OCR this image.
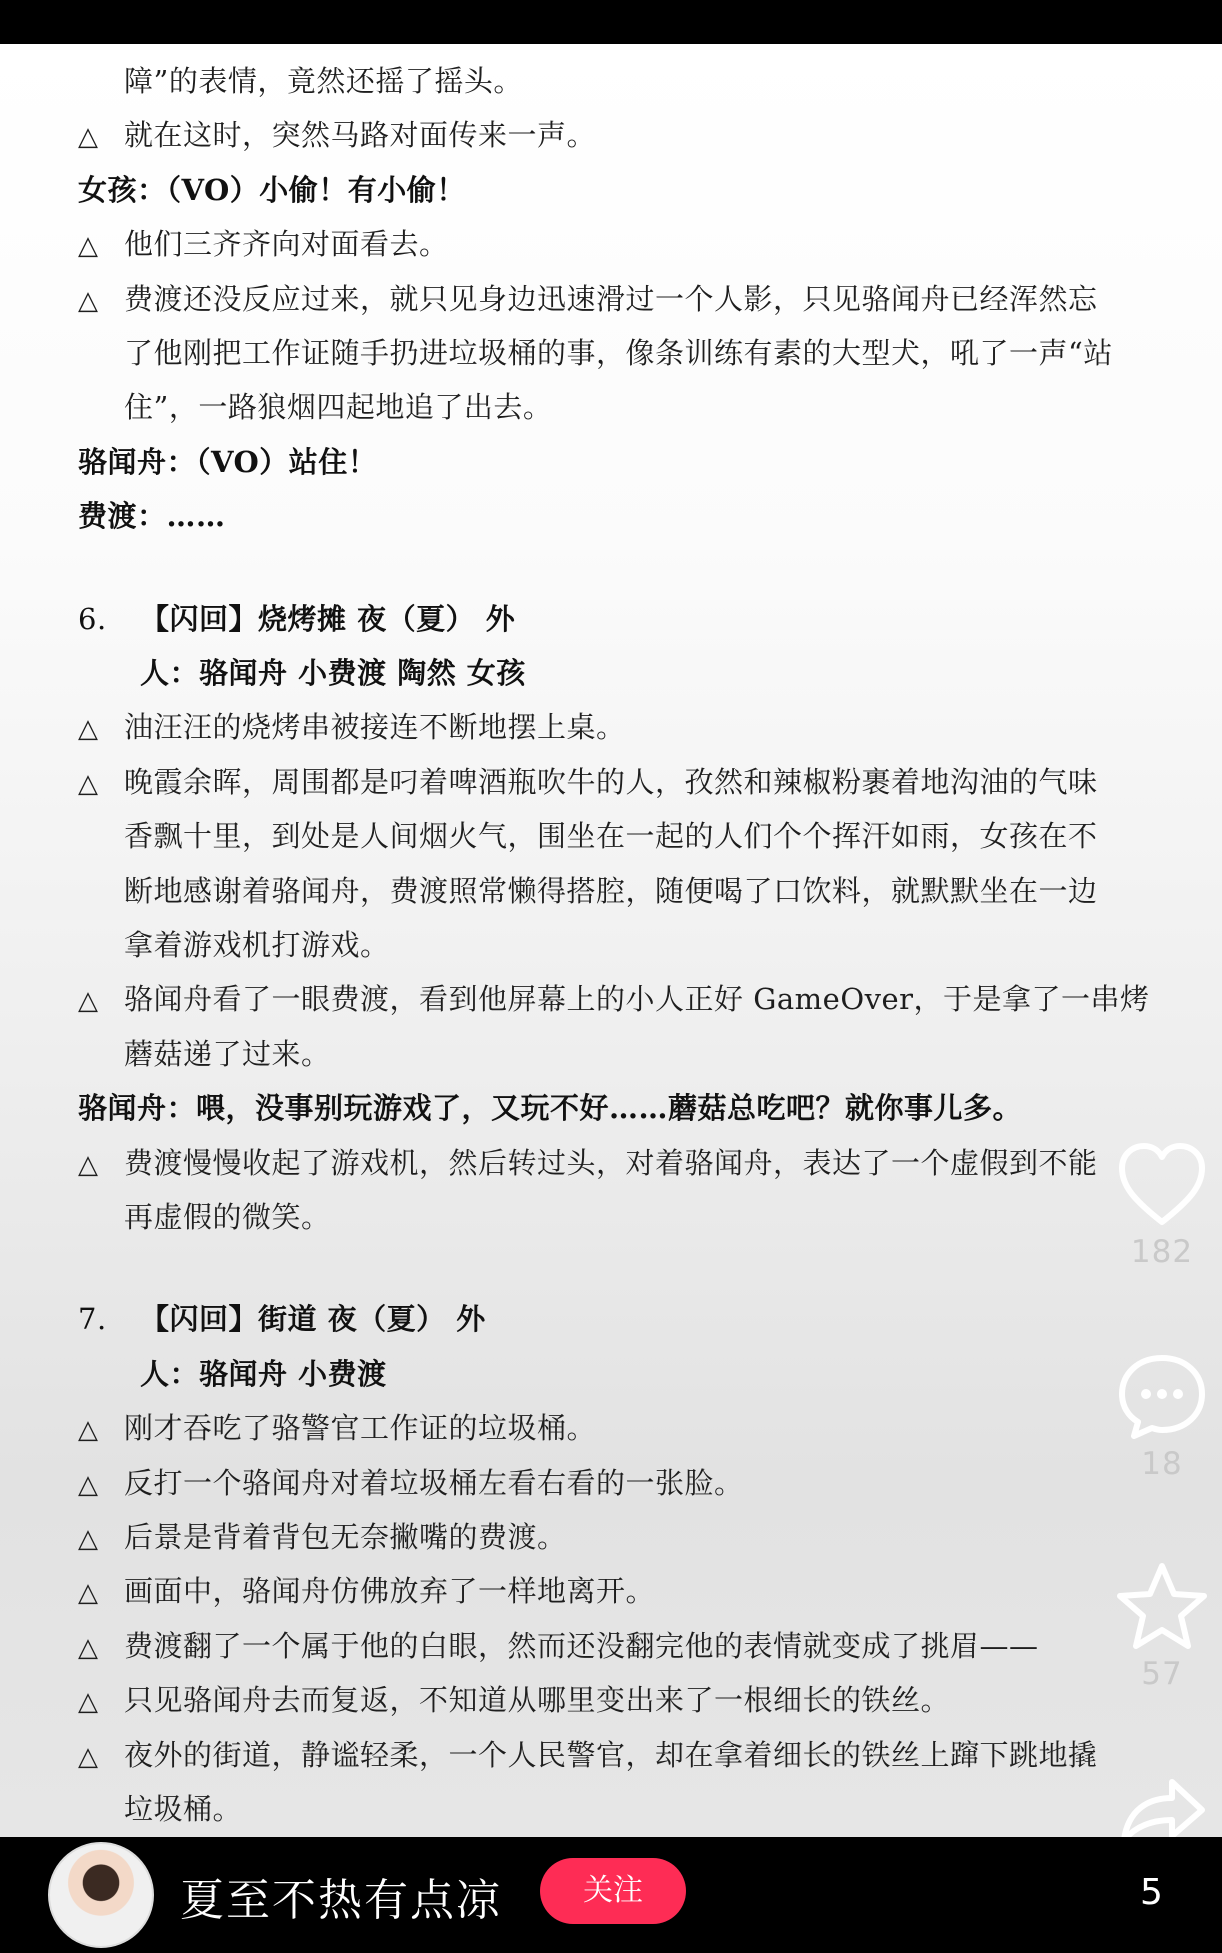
障”的表情，竟然还摇了摇头。
△ 就在这时，突然马路对面传来一声。
女孩：（VO）小偷！有小偷！
△ 他们三齐齐向对面看去。
△ 费渡还没反应过来，就只见身边迅速滑过一个人影，只见骆闻舟已经浑然忘
了他刚把工作证随手扔进垃圾桶的事，像条训练有素的大型犬，吼了一声“站
住”，一路狼烟四起地追了出去。
骆闻舟：（VO）站住！
费渡：……
6. 【闪回】烧烤摊 夜（夏） 外
人：骆闻舟 小费渡 陶然 女孩
△ 油汪汪的烧烤串被接连不断地摆上桌。
△ 晚霞余晖，周围都是叼着啤酒瓶吹牛的人，孜然和辣椒粉裹着地沟油的气味
香飘十里，到处是人间烟火气，围坐在一起的人们个个挥汗如雨，女孩在不
断地感谢着骆闻舟，费渡照常懒得搭腔，随便喝了口饮料，就默默坐在一边
拿着游戏机打游戏。
△ 骆闻舟看了一眼费渡，看到他屏幕上的小人正好 GameOver，于是拿了一串烤
蘑菇递了过来。
骆闻舟：喂，没事别玩游戏了，又玩不好……蘑菇总吃吧？就你事儿多。
△ 费渡慢慢收起了游戏机，然后转过头，对着骆闻舟，表达了一个虚假到不能
再虚假的微笑。
7. 【闪回】街道 夜（夏） 外
人：骆闻舟 小费渡
△ 刚才吞吃了骆警官工作证的垃圾桶。
△ 反打一个骆闻舟对着垃圾桶左看右看的一张脸。
△ 后景是背着背包无奈撇嘴的费渡。
△ 画面中，骆闻舟仿佛放弃了一样地离开。
△ 费渡翻了一个属于他的白眼，然而还没翻完他的表情就变成了挑眉——
△ 只见骆闻舟去而复返，不知道从哪里变出来了一根细长的铁丝。
△ 夜外的街道，静谧轻柔，一个人民警官，却在拿着细长的铁丝上蹿下跳地撬
垃圾桶。
182
18
57
夏至不热有点凉	关注	5
